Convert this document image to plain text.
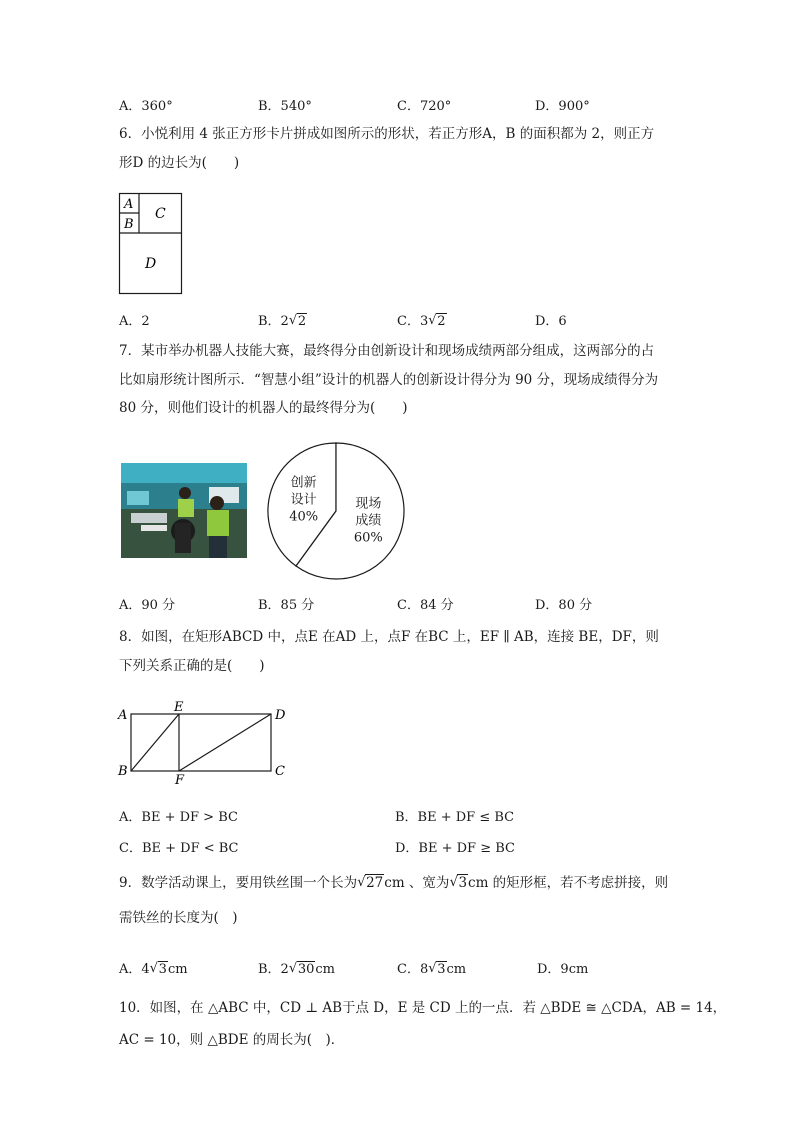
A．360°	B．540°	C．720°	D．900°
6．小悦利用 4 张正方形卡片拼成如图所示的形状，若正方形A，B 的面积都为 2，则正方
形D 的边长为(　　)
A
B
C
D
A．2	B．2 √ 2	C．3 √ 2	D．6
7．某市举办机器人技能大赛，最终得分由创新设计和现场成绩两部分组成，这两部分的占
比如扇形统计图所示．“智慧小组”设计的机器人的创新设计得分为 90 分，现场成绩得分为
80 分，则他们设计的机器人的最终得分为(　　)
创新
设计
40%
现场
成绩
60%
A．90 分	B．85 分	C．84 分	D．80 分
8．如图，在矩形ABCD 中，点E 在AD 上，点F 在BC 上，EF ∥ AB，连接 BE，DF，则
下列关系正确的是(　　)
A
E
D
B
F
C
A．BE + DF > BC	B．BE + DF ≤ BC
C．BE + DF < BC	D．BE + DF ≥ BC
9．数学活动课上，要用铁丝围一个长为 √ 27cm 、宽为 √ 3cm 的矩形框，若不考虑拼接，则
需铁丝的长度为(　)
A．4 √ 3cm	B．2 √ 30cm	C．8 √ 3cm	D．9cm
10．如图，在 △ABC 中，CD ⊥ AB于点 D，E 是 CD 上的一点．若 △BDE ≅ △CDA，AB = 14，
AC = 10，则 △BDE 的周长为(　)．
